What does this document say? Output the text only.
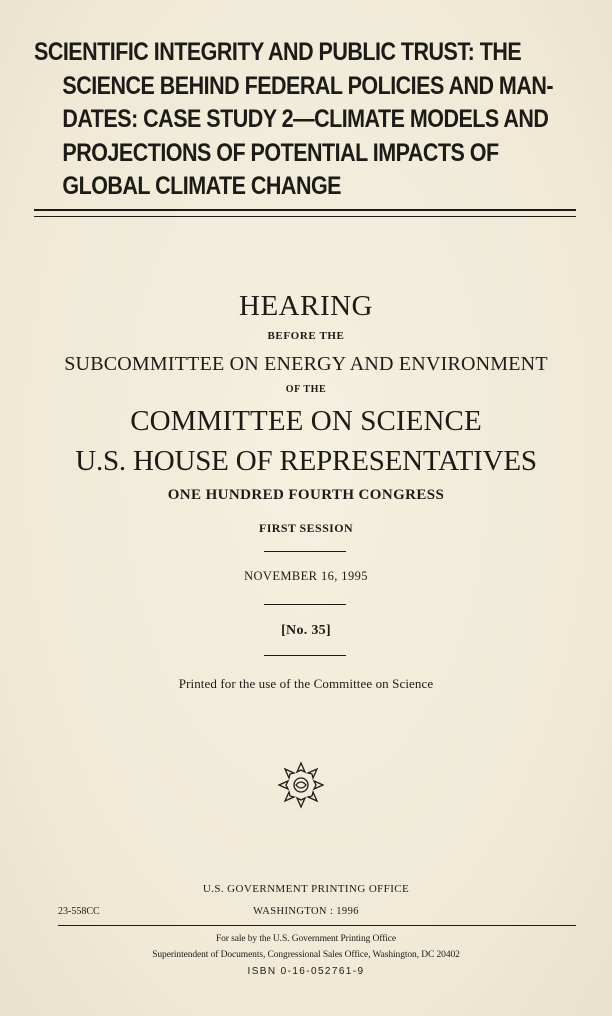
SCIENTIFIC INTEGRITY AND PUBLIC TRUST: THE
SCIENCE BEHIND FEDERAL POLICIES AND MAN-
DATES: CASE STUDY 2—CLIMATE MODELS AND
PROJECTIONS OF POTENTIAL IMPACTS OF
GLOBAL CLIMATE CHANGE
HEARING
BEFORE THE
SUBCOMMITTEE ON ENERGY AND ENVIRONMENT
OF THE
COMMITTEE ON SCIENCE
U.S. HOUSE OF REPRESENTATIVES
ONE HUNDRED FOURTH CONGRESS
FIRST SESSION
NOVEMBER 16, 1995
[No. 35]
Printed for the use of the Committee on Science
U.S. GOVERNMENT PRINTING OFFICE
23-558CC	WASHINGTON : 1996
For sale by the U.S. Government Printing Office
Superintendent of Documents, Congressional Sales Office, Washington, DC 20402
ISBN 0-16-052761-9
